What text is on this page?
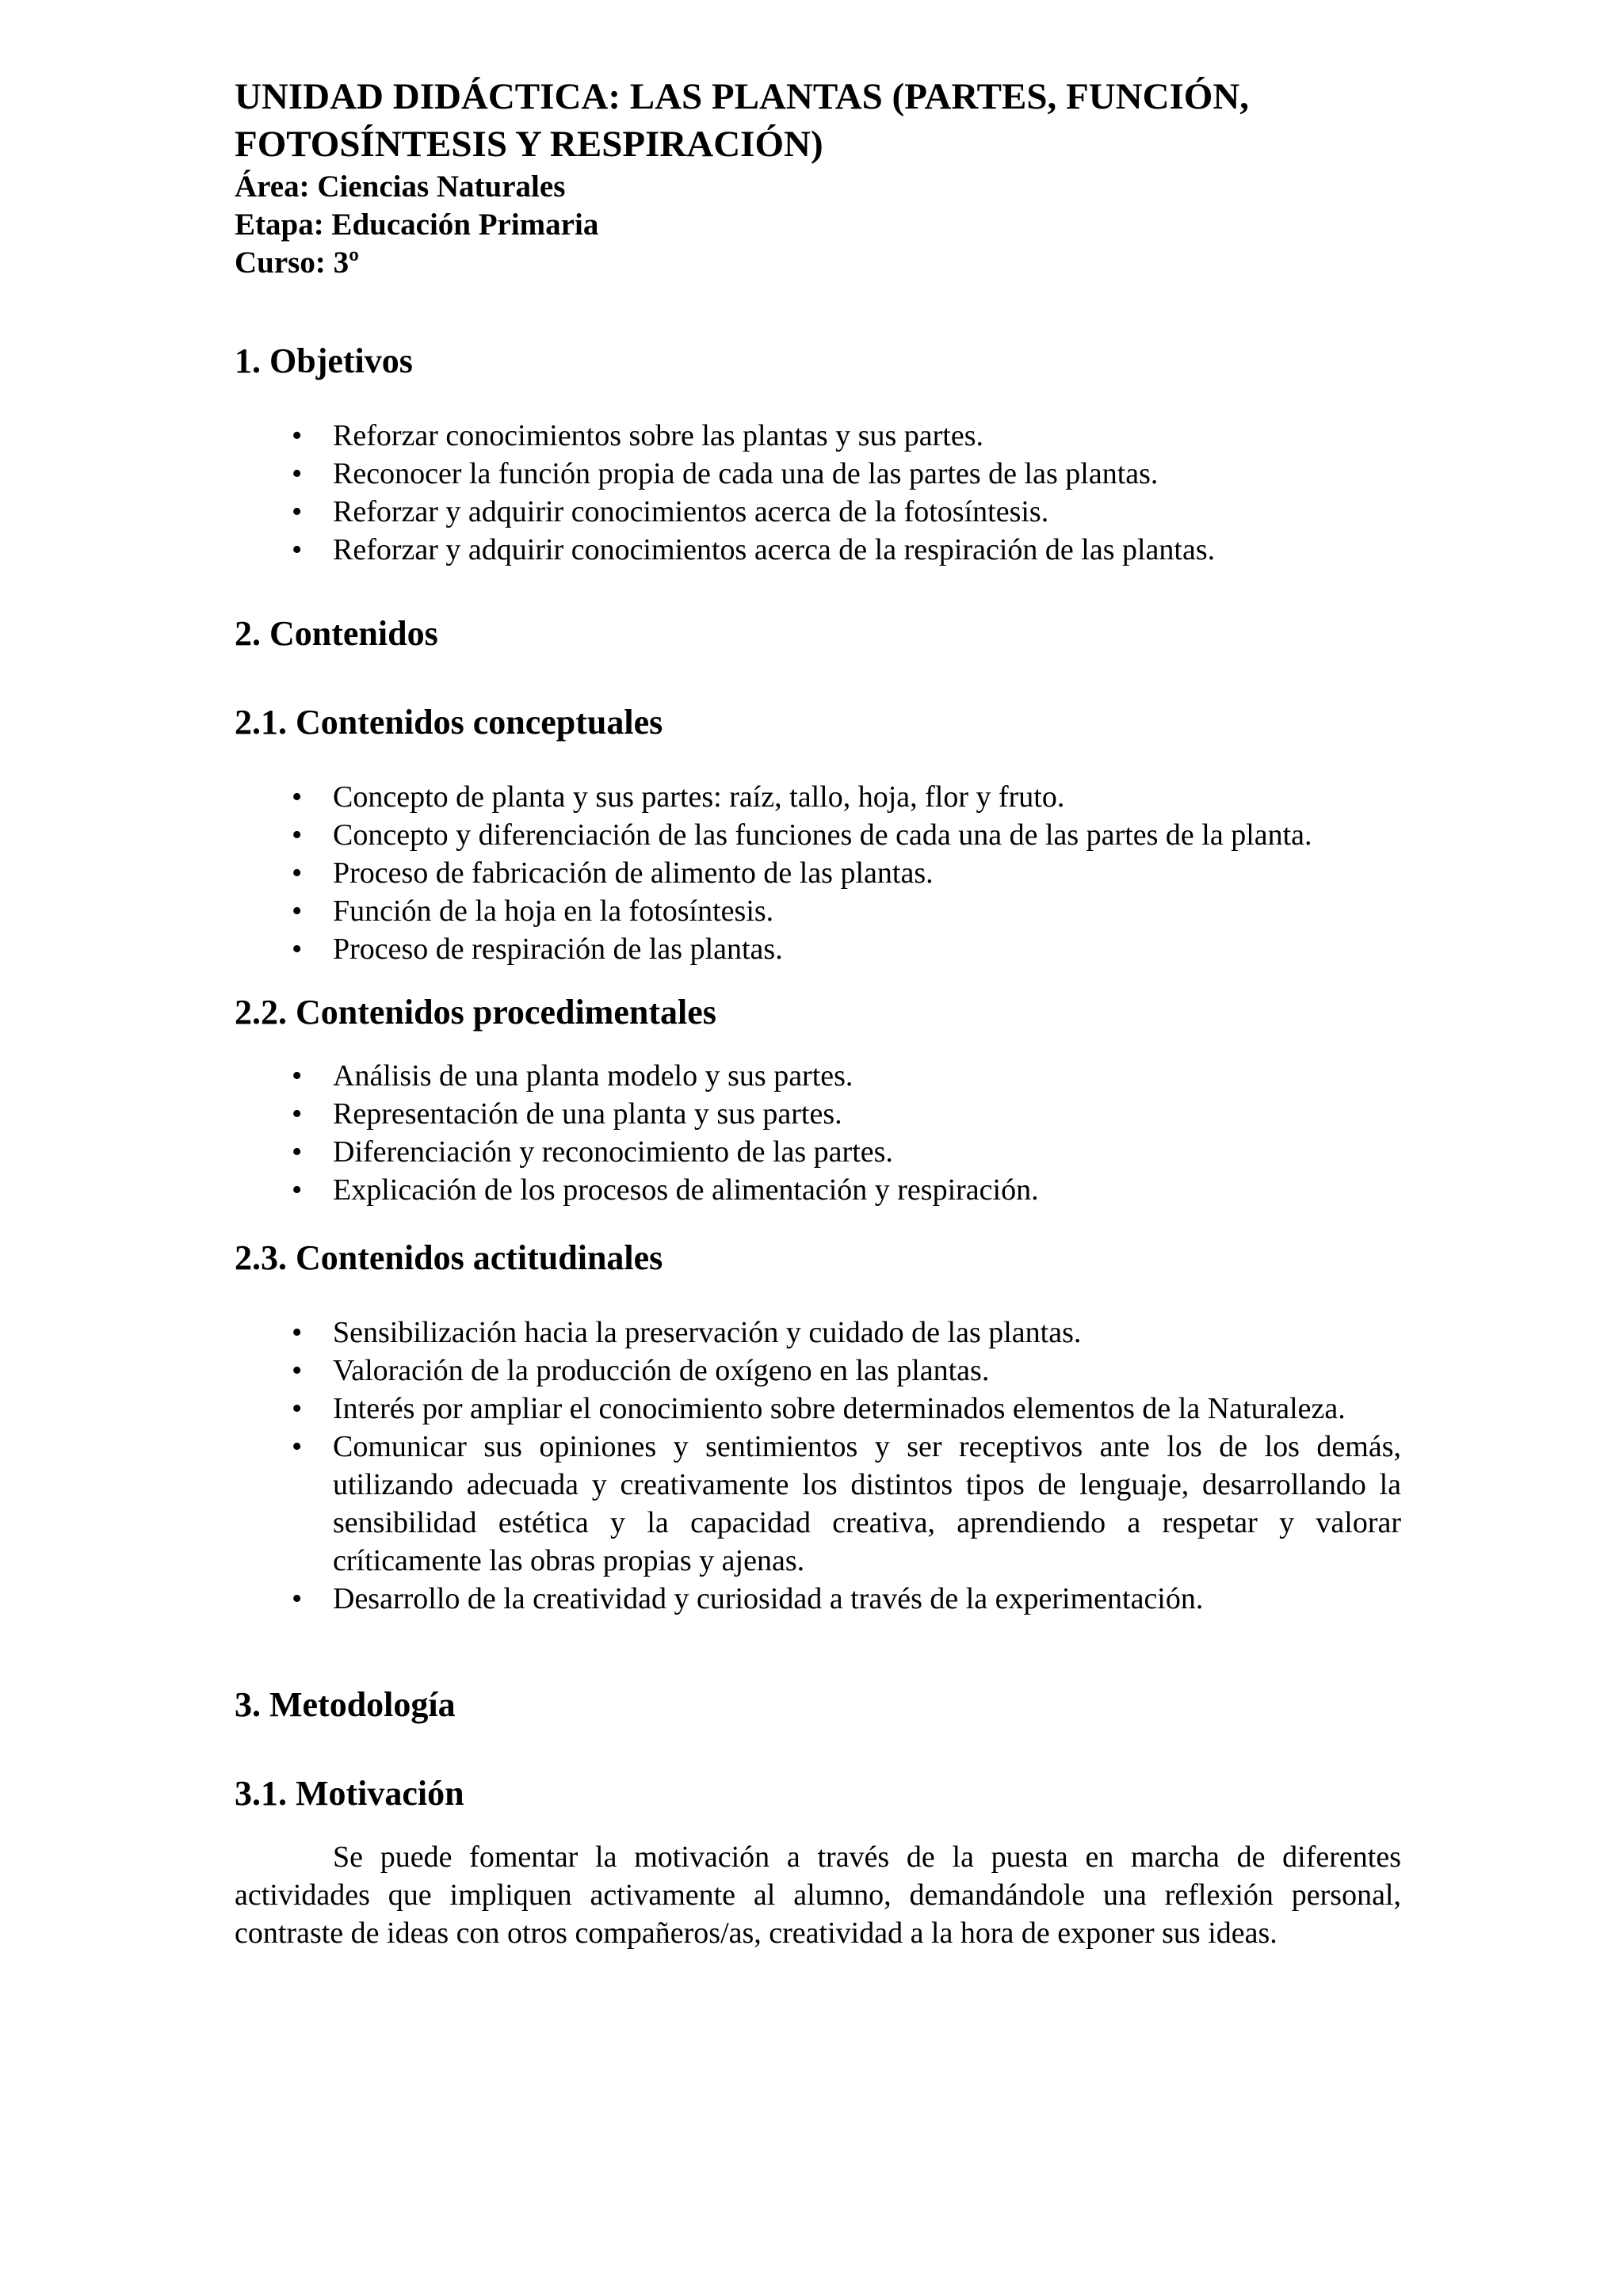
UNIDAD DIDÁCTICA: LAS PLANTAS (PARTES, FUNCIÓN,

FOTOSÍNTESIS Y RESPIRACIÓN)

Área: Ciencias Naturales

Etapa: Educación Primaria

Curso: 3º

1. Objetivos
• Reforzar conocimientos sobre las plantas y sus partes.
• Reconocer la función propia de cada una de las partes de las plantas.
• Reforzar y adquirir conocimientos acerca de la fotosíntesis.
• Reforzar y adquirir conocimientos acerca de la respiración de las plantas.
2. Contenidos
2.1. Contenidos conceptuales
• Concepto de planta y sus partes: raíz, tallo, hoja, flor y fruto.
• Concepto y diferenciación de las funciones de cada una de las partes de la planta.
• Proceso de fabricación de alimento de las plantas.
• Función de la hoja en la fotosíntesis.
• Proceso de respiración de las plantas.
2.2. Contenidos procedimentales
• Análisis de una planta modelo y sus partes.
• Representación de una planta y sus partes.
• Diferenciación y reconocimiento de las partes.
• Explicación de los procesos de alimentación y respiración.
2.3. Contenidos actitudinales
• Sensibilización hacia la preservación y cuidado de las plantas.
• Valoración de la producción de oxígeno en las plantas.
• Interés por ampliar el conocimiento sobre determinados elementos de la Naturaleza.
• Comunicar sus opiniones y sentimientos y ser receptivos ante los de los demás, utilizando adecuada y creativamente los distintos tipos de lenguaje, desarrollando la sensibilidad estética y la capacidad creativa, aprendiendo a respetar y valorar críticamente las obras propias y ajenas.
• Desarrollo de la creatividad y curiosidad a través de la experimentación.
3. Metodología
3.1. Motivación

Se puede fomentar la motivación a través de la puesta en marcha de diferentes actividades que impliquen activamente al alumno, demandándole una reflexión personal, contraste de ideas con otros compañeros/as, creatividad a la hora de exponer sus ideas.
